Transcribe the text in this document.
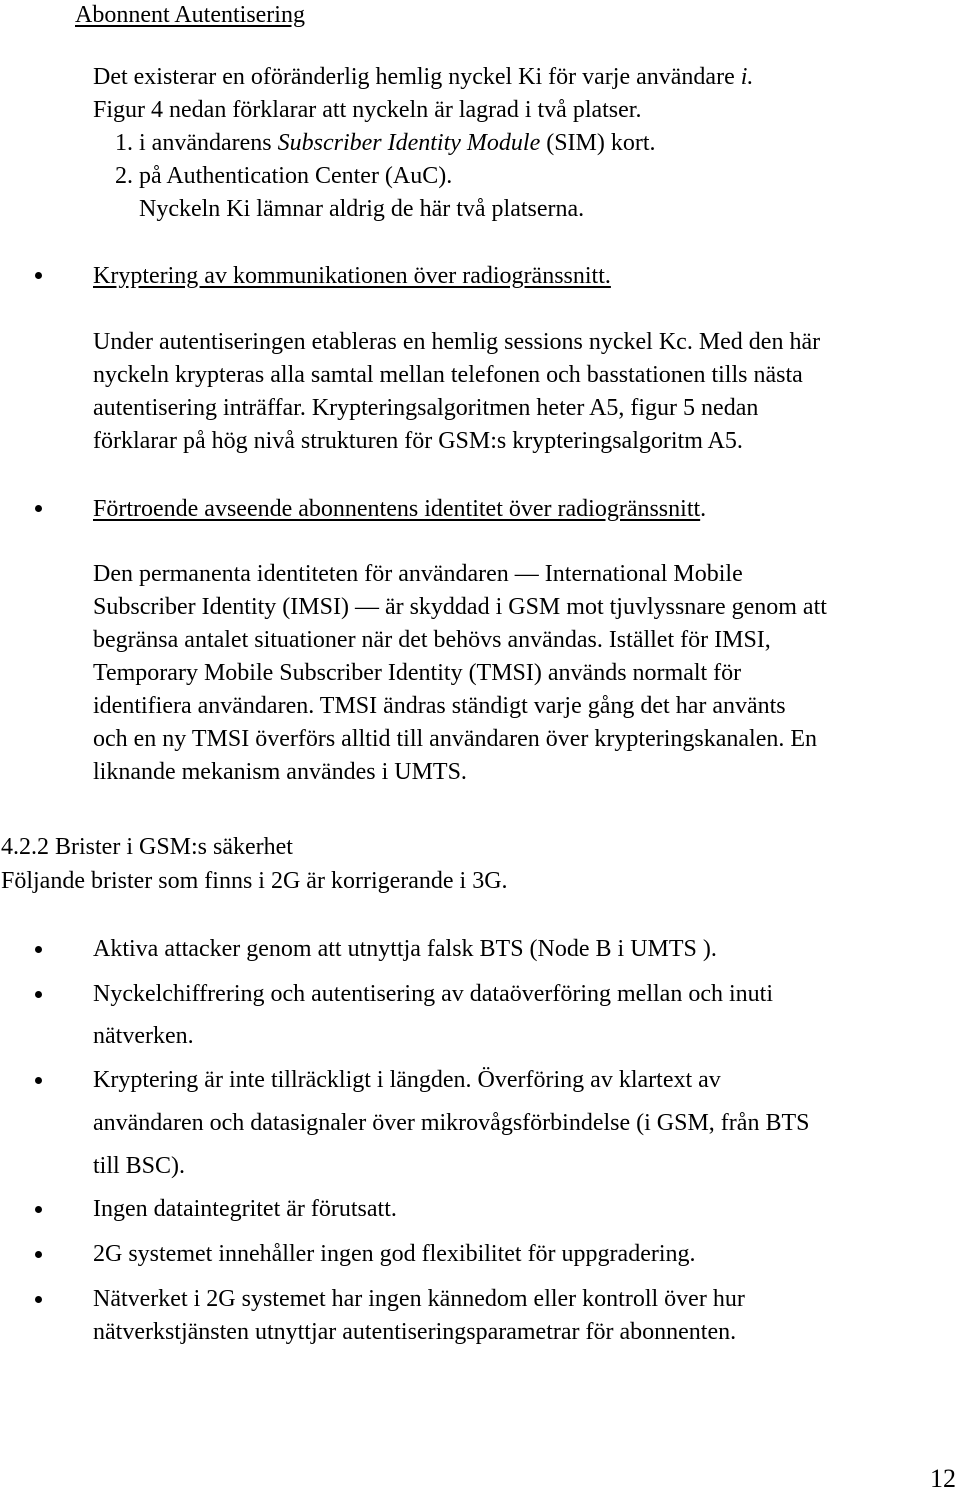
Abonnent Autentisering
Det existerar en oföränderlig hemlig nyckel Ki för varje användare i.
Figur 4 nedan förklarar att nyckeln är lagrad i två platser.
1. i användarens Subscriber Identity Module (SIM) kort.
2. på Authentication Center (AuC).
Nyckeln Ki lämnar aldrig de här två platserna.
Kryptering av kommunikationen över radiogränssnitt.
Under autentiseringen etableras en hemlig sessions nyckel Kc. Med den här
nyckeln krypteras alla samtal mellan telefonen och basstationen tills nästa
autentisering inträffar. Krypteringsalgoritmen heter A5, figur 5 nedan
förklarar på hög nivå strukturen för GSM:s krypteringsalgoritm A5.
Förtroende avseende abonnentens identitet över radiogränssnitt.
Den permanenta identiteten för användaren — International Mobile
Subscriber Identity (IMSI) — är skyddad i GSM mot tjuvlyssnare genom att
begränsa antalet situationer när det behövs användas. Istället för IMSI,
Temporary Mobile Subscriber Identity (TMSI) används normalt för
identifiera användaren. TMSI ändras ständigt varje gång det har använts
och en ny TMSI överförs alltid till användaren över krypteringskanalen. En
liknande mekanism användes i UMTS.
4.2.2 Brister i GSM:s säkerhet
Följande brister som finns i 2G är korrigerande i 3G.
Aktiva attacker genom att utnyttja falsk BTS (Node B i UMTS ).
Nyckelchiffrering och autentisering av dataöverföring mellan och inuti
nätverken.
Kryptering är inte tillräckligt i längden. Överföring av klartext av
användaren och datasignaler över mikrovågsförbindelse (i GSM, från BTS
till BSC).
Ingen dataintegritet är förutsatt.
2G systemet innehåller ingen god flexibilitet för uppgradering.
Nätverket i 2G systemet har ingen kännedom eller kontroll över hur
nätverkstjänsten utnyttjar autentiseringsparametrar för abonnenten.
12
